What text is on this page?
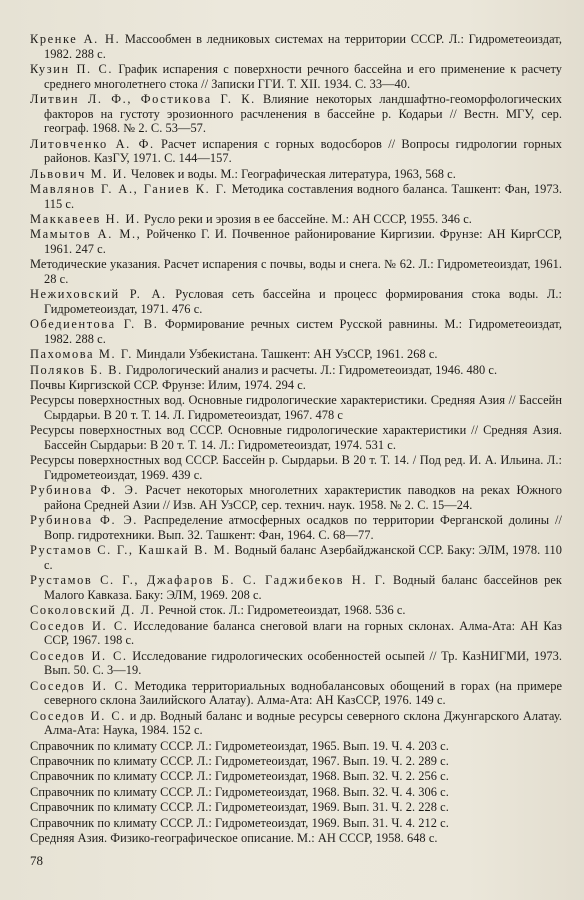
Кренке А. Н. Массообмен в ледниковых системах на территории СССР. Л.: Гидрометеоиздат, 1982. 288 с.
Кузин П. С. График испарения с поверхности речного бассейна и его применение к расчету среднего многолетнего стока // Записки ГГИ. Т. XII. 1934. С. 33—40.
Литвин Л. Ф., Фостикова Г. К. Влияние некоторых ландшафтно-геоморфологических факторов на густоту эрозионного расчленения в бассейне р. Кодарьи // Вестн. МГУ, сер. географ. 1968. № 2. С. 53—57.
Литовченко А. Ф. Расчет испарения с горных водосборов // Вопросы гидрологии горных районов. КазГУ, 1971. С. 144—157.
Львович М. И. Человек и воды. М.: Географическая литература, 1963, 568 с.
Мавлянов Г. А., Ганиев К. Г. Методика составления водного баланса. Ташкент: Фан, 1973. 115 с.
Маккавеев Н. И. Русло реки и эрозия в ее бассейне. М.: АН СССР, 1955. 346 с.
Мамытов А. М., Ройченко Г. И. Почвенное районирование Киргизии. Фрунзе: АН КиргССР, 1961. 247 с.
Методические указания. Расчет испарения с почвы, воды и снега. № 62. Л.: Гидрометеоиздат, 1961. 28 с.
Нежиховский Р. А. Русловая сеть бассейна и процесс формирования стока воды. Л.: Гидрометеоиздат, 1971. 476 с.
Обедиентова Г. В. Формирование речных систем Русской равнины. М.: Гидрометеоиздат, 1982. 288 с.
Пахомова М. Г. Миндали Узбекистана. Ташкент: АН УзССР, 1961. 268 с.
Поляков Б. В. Гидрологический анализ и расчеты. Л.: Гидрометеоиздат, 1946. 480 с.
Почвы Киргизской ССР. Фрунзе: Илим, 1974. 294 с.
Ресурсы поверхностных вод. Основные гидрологические характеристики. Средняя Азия // Бассейн Сырдарьи. В 20 т. Т. 14. Л. Гидрометеоиздат, 1967. 478 с
Ресурсы поверхностных вод СССР. Основные гидрологические характеристики // Средняя Азия. Бассейн Сырдарьи: В 20 т. Т. 14. Л.: Гидрометеоиздат, 1974. 531 с.
Ресурсы поверхностных вод СССР. Бассейн р. Сырдарьи. В 20 т. Т. 14. / Под ред. И. А. Ильина. Л.: Гидрометеоиздат, 1969. 439 с.
Рубинова Ф. Э. Расчет некоторых многолетних характеристик паводков на реках Южного района Средней Азии // Изв. АН УзССР, сер. технич. наук. 1958. № 2. С. 15—24.
Рубинова Ф. Э. Распределение атмосферных осадков по территории Ферганской долины // Вопр. гидротехники. Вып. 32. Ташкент: Фан, 1964. С. 68—77.
Рустамов С. Г., Кашкай В. М. Водный баланс Азербайджанской ССР. Баку: ЭЛМ, 1978. 110 с.
Рустамов С. Г., Джафаров Б. С. Гаджибеков Н. Г. Водный баланс бассейнов рек Малого Кавказа. Баку: ЭЛМ, 1969. 208 с.
Соколовский Д. Л. Речной сток. Л.: Гидрометеоиздат, 1968. 536 с.
Соседов И. С. Исследование баланса снеговой влаги на горных склонах. Алма-Ата: АН Каз ССР, 1967. 198 с.
Соседов И. С. Исследование гидрологических особенностей осыпей // Тр. КазНИГМИ, 1973. Вып. 50. С. 3—19.
Соседов И. С. Методика территориальных воднобалансовых обощений в горах (на примере северного склона Заилийского Алатау). Алма-Ата: АН КазССР, 1976. 149 с.
Соседов И. С. и др. Водный баланс и водные ресурсы северного склона Джунгарского Алатау. Алма-Ата: Наука, 1984. 152 с.
Справочник по климату СССР. Л.: Гидрометеоиздат, 1965. Вып. 19. Ч. 4. 203 с.
Справочник по климату СССР. Л.: Гидрометеоиздат, 1967. Вып. 19. Ч. 2. 289 с.
Справочник по климату СССР. Л.: Гидрометеоиздат, 1968. Вып. 32. Ч. 2. 256 с.
Справочник по климату СССР. Л.: Гидрометеоиздат, 1968. Вып. 32. Ч. 4. 306 с.
Справочник по климату СССР. Л.: Гидрометеоиздат, 1969. Вып. 31. Ч. 2. 228 с.
Справочник по климату СССР. Л.: Гидрометеоиздат, 1969. Вып. 31. Ч. 4. 212 с.
Средняя Азия. Физико-географическое описание. М.: АН СССР, 1958. 648 с.
78
